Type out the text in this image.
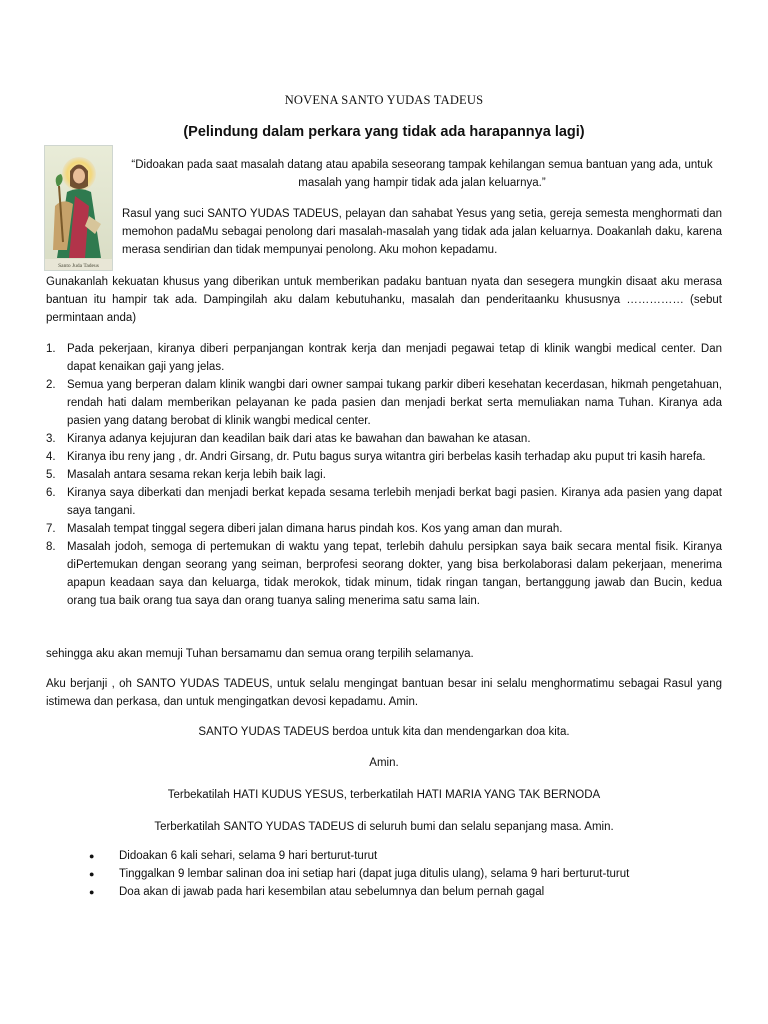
NOVENA SANTO YUDAS TADEUS
(Pelindung dalam perkara yang tidak ada harapannya lagi)
Santo Juda Tadeus
“Didoakan pada saat masalah datang atau apabila seseorang tampak kehilangan semua bantuan yang ada, untuk masalah yang hampir tidak ada jalan keluarnya.”
Rasul yang suci SANTO YUDAS TADEUS, pelayan dan sahabat Yesus yang setia, gereja semesta menghormati dan memohon padaMu sebagai penolong dari masalah-masalah yang tidak ada jalan keluarnya. Doakanlah daku, karena merasa sendirian dan tidak mempunyai penolong. Aku mohon kepadamu.
Gunakanlah kekuatan khusus yang diberikan untuk memberikan padaku bantuan nyata dan sesegera mungkin disaat aku merasa bantuan itu hampir tak ada. Dampingilah aku dalam kebutuhanku, masalah dan penderitaanku khususnya …………… (sebut permintaan anda)
1. Pada pekerjaan, kiranya diberi perpanjangan kontrak kerja dan menjadi pegawai tetap di klinik wangbi medical center. Dan dapat kenaikan gaji yang jelas.
2. Semua yang berperan dalam klinik wangbi dari owner sampai tukang parkir diberi kesehatan kecerdasan, hikmah pengetahuan, rendah hati dalam memberikan pelayanan ke pada pasien dan menjadi berkat serta memuliakan nama Tuhan. Kiranya ada pasien yang datang berobat di klinik wangbi medical center.
3. Kiranya adanya kejujuran dan keadilan baik dari atas ke bawahan dan bawahan ke atasan.
4. Kiranya ibu reny jang , dr. Andri Girsang, dr. Putu bagus surya witantra giri berbelas kasih terhadap aku puput tri kasih harefa.
5. Masalah antara sesama rekan kerja lebih baik lagi.
6. Kiranya saya diberkati dan menjadi berkat kepada sesama terlebih menjadi berkat bagi pasien. Kiranya ada pasien yang dapat saya tangani.
7. Masalah tempat tinggal segera diberi jalan dimana harus pindah kos. Kos yang aman dan murah.
8. Masalah jodoh, semoga di pertemukan di waktu yang tepat, terlebih dahulu persipkan saya baik secara mental fisik. Kiranya diPertemukan dengan seorang yang seiman, berprofesi seorang dokter, yang bisa berkolaborasi dalam pekerjaan, menerima apapun keadaan saya dan keluarga, tidak merokok, tidak minum, tidak ringan tangan, bertanggung jawab dan Bucin, kedua orang tua baik orang tua saya dan orang tuanya saling menerima satu sama lain.
sehingga aku akan memuji Tuhan bersamamu dan semua orang terpilih selamanya.
Aku berjanji , oh SANTO YUDAS TADEUS, untuk selalu mengingat bantuan besar ini selalu menghormatimu sebagai Rasul yang istimewa dan perkasa, dan untuk mengingatkan devosi kepadamu. Amin.
SANTO YUDAS TADEUS berdoa untuk kita dan mendengarkan doa kita.
Amin.
Terbekatilah HATI KUDUS YESUS, terberkatilah HATI MARIA YANG TAK BERNODA
Terberkatilah SANTO YUDAS TADEUS di seluruh bumi dan selalu sepanjang masa. Amin.
● Didoakan 6 kali sehari, selama 9 hari berturut-turut
● Tinggalkan 9 lembar salinan doa ini setiap hari (dapat juga ditulis ulang), selama 9 hari berturut-turut
● Doa akan di jawab pada hari kesembilan atau sebelumnya dan belum pernah gagal
